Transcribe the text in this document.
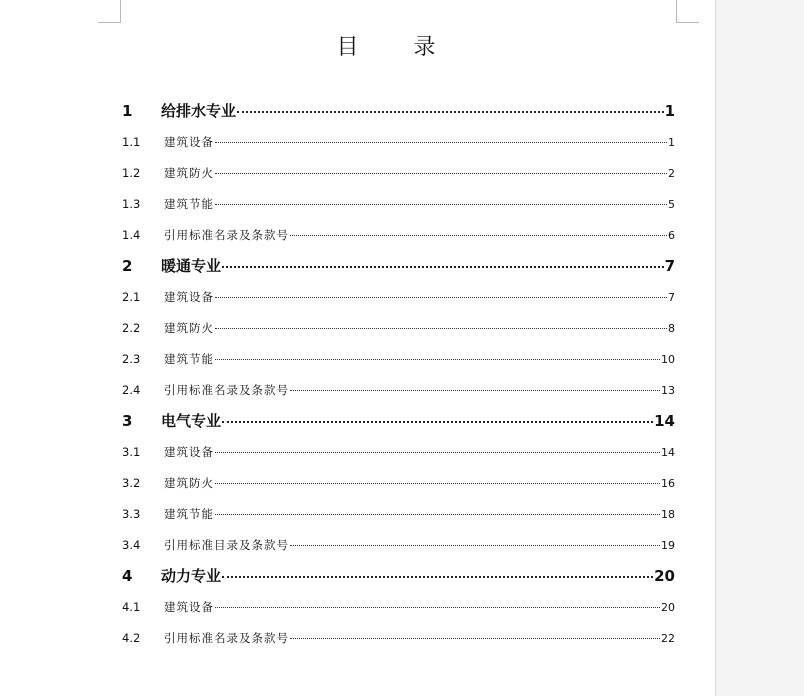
目 录
1	给排水专业	1
1.1	建筑设备	1
1.2	建筑防火	2
1.3	建筑节能	5
1.4	引用标准名录及条款号	6
2	暖通专业	7
2.1	建筑设备	7
2.2	建筑防火	8
2.3	建筑节能	10
2.4	引用标准名录及条款号	13
3	电气专业	14
3.1	建筑设备	14
3.2	建筑防火	16
3.3	建筑节能	18
3.4	引用标准目录及条款号	19
4	动力专业	20
4.1	建筑设备	20
4.2	引用标准名录及条款号	22
